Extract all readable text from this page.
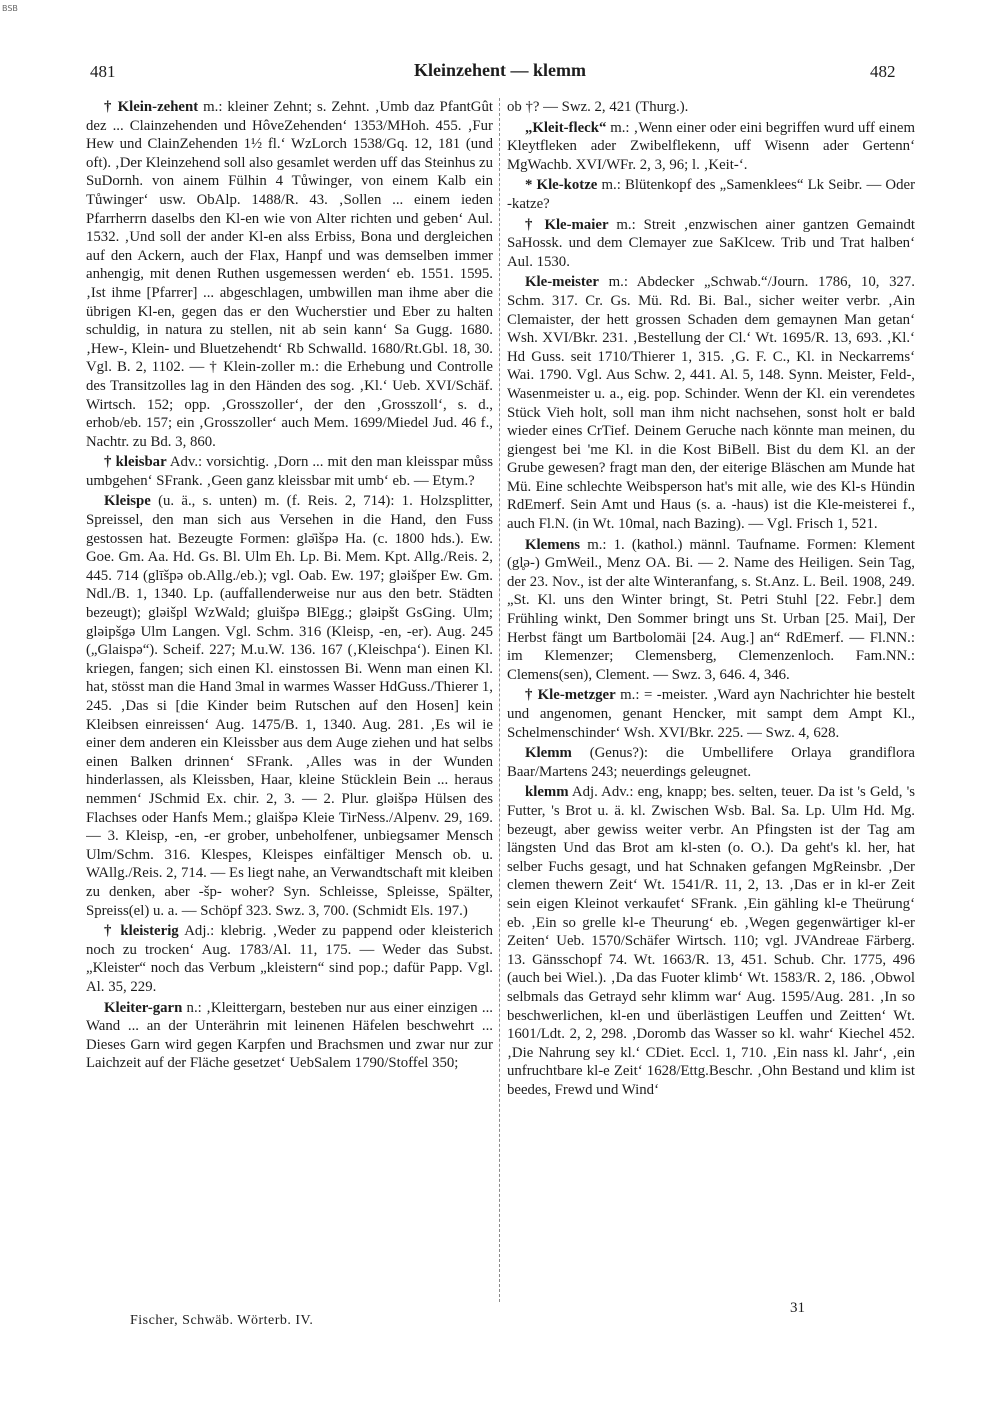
BSB
481	Kleinzehent — klemm	482

† Klein-zehent m.: kleiner Zehnt; s. Zehnt. ‚Umb daz PfantGût dez ... Clainzehenden und HôveZehenden‘ 1353/MHoh. 455. ‚Fur Hew und ClainZehenden 1½ fl.‘ WzLorch 1538/Gq. 12, 181 (und oft). ‚Der Kleinzehend soll also gesamlet werden uff das Steinhus zu SuDornh. von ainem Fülhin 4 Tůwinger, von einem Kalb ein Tůwinger‘ usw. ObAlp. 1488/R. 43. ‚Sollen ... einem ieden Pfarrherrn daselbs den Kl-en wie von Alter richten und geben‘ Aul. 1532. ‚Und soll der ander Kl-en alss Erbiss, Bona und dergleichen auf den Ackern, auch der Flax, Hanpf und was demselben immer anhengig, mit denen Ruthen usgemessen werden‘ eb. 1551. 1595. ‚Ist ihme [Pfarrer] ... abgeschlagen, umbwillen man ihme aber die übrigen Kl-en, gegen das er den Wucherstier und Eber zu halten schuldig, in natura zu stellen, nit ab sein kann‘ Sa Gugg. 1680. ‚Hew-, Klein- und Bluetzehendt‘ Rb Schwalld. 1680/Rt.Gbl. 18, 30. Vgl. B. 2, 1102. — † Klein-zoller m.: die Erhebung und Controlle des Transitzolles lag in den Händen des sog. ‚Kl.‘ Ueb. XVI/Schäf. Wirtsch. 152; opp. ‚Grosszoller‘, der den ‚Grosszoll‘, s. d., erhob/eb. 157; ein ‚Grosszoller‘ auch Mem. 1699/Miedel Jud. 46 f., Nachtr. zu Bd. 3, 860.

† kleisbar Adv.: vorsichtig. ‚Dorn ... mit den man kleisspar můss umbgehen‘ SFrank. ‚Geen ganz kleissbar mit umb‘ eb. — Etym.?

Kleispe (u. ä., s. unten) m. (f. Reis. 2, 714): 1. Holzsplitter, Spreissel, den man sich aus Versehen in die Hand, den Fuss gestossen hat. Bezeugte Formen: glə̄išpə Ha. (c. 1800 hds.). Ew. Goe. Gm. Aa. Hd. Gs. Bl. Ulm Eh. Lp. Bi. Mem. Kpt. Allg./Reis. 2, 445. 714 (glīšpə ob.Allg./eb.); vgl. Oab. Ew. 197; gləišper Ew. Gm. Ndl./B. 1, 1340. Lp. (auffallenderweise nur aus den betr. Städten bezeugt); gləišpl WzWald; gluišpə BlEgg.; gləipšt GsGing. Ulm; gləipšgə Ulm Langen. Vgl. Schm. 316 (Kleisp, -en, -er). Aug. 245 („Glaispə“). Scheif. 227; M.u.W. 136. 167 (‚Kleischpa‘). Einen Kl. kriegen, fangen; sich einen Kl. einstossen Bi. Wenn man einen Kl. hat, stösst man die Hand 3mal in warmes Wasser HdGuss./Thierer 1, 245. ‚Das si [die Kinder beim Rutschen auf den Hosen] kein Kleibsen einreissen‘ Aug. 1475/B. 1, 1340. Aug. 281. ‚Es wil ie einer dem anderen ein Kleissber aus dem Auge ziehen und hat selbs einen Balken drinnen‘ SFrank. ‚Alles was in der Wunden hinderlassen, als Kleissben, Haar, kleine Stücklein Bein ... heraus nemmen‘ JSchmid Ex. chir. 2, 3. — 2. Plur. gləišpə Hülsen des Flachses oder Hanfs Mem.; glaišpə Kleie TirNess./Alpenv. 29, 169. — 3. Kleisp, -en, -er grober, unbeholfener, unbiegsamer Mensch Ulm/Schm. 316. Klespes, Kleispes einfältiger Mensch ob. u. WAllg./Reis. 2, 714. — Es liegt nahe, an Verwandtschaft mit kleiben zu denken, aber -šp- woher? Syn. Schleisse, Spleisse, Spälter, Spreiss(el) u. a. — Schöpf 323. Swz. 3, 700. (Schmidt Els. 197.)

† kleisterig Adj.: klebrig. ‚Weder zu pappend oder kleisterich noch zu trocken‘ Aug. 1783/Al. 11, 175. — Weder das Subst. „Kleister“ noch das Verbum „kleistern“ sind pop.; dafür Papp. Vgl. Al. 35, 229.

Kleiter-garn n.: ‚Kleittergarn, besteben nur aus einer einzigen ... Wand ... an der Unterährin mit leinenen Häfelen beschwehrt ... Dieses Garn wird gegen Karpfen und Brachsmen und zwar nur zur Laichzeit auf der Fläche gesetzet‘ UebSalem 1790/Stoffel 350;

ob †? — Swz. 2, 421 (Thurg.).

„Kleit-fleck“ m.: ‚Wenn einer oder eini begriffen wurd uff einem Kleytfleken ader Zwibelflekenn, uff Wisenn ader Gertenn‘ MgWachb. XVI/WFr. 2, 3, 96; l. ‚Keit-‘.

* Kle-kotze m.: Blütenkopf des „Samenklees“ Lk Seibr. — Oder -katze?

† Kle-maier m.: Streit ‚enzwischen ainer gantzen Gemaindt SaHossk. und dem Clemayer zue SaKlcew. Trib und Trat halben‘ Aul. 1530.

Kle-meister m.: Abdecker „Schwab.“/Journ. 1786, 10, 327. Schm. 317. Cr. Gs. Mü. Rd. Bi. Bal., sicher weiter verbr. ‚Ain Clemaister, der hett grossen Schaden dem gemaynen Man getan‘ Wsh. XVI/Bkr. 231. ‚Bestellung der Cl.‘ Wt. 1695/R. 13, 693. ‚Kl.‘ Hd Guss. seit 1710/Thierer 1, 315. ‚G. F. C., Kl. in Neckarrems‘ Wai. 1790. Vgl. Aus Schw. 2, 441. Al. 5, 148. Synn. Meister, Feld-, Wasenmeister u. a., eig. pop. Schinder. Wenn der Kl. ein verendetes Stück Vieh holt, soll man ihm nicht nachsehen, sonst holt er bald wieder eines CrTief. Deinem Geruche nach könnte man meinen, du giengest bei 'me Kl. in die Kost BiBell. Bist du dem Kl. an der Grube gewesen? fragt man den, der eiterige Bläschen am Munde hat Mü. Eine schlechte Weibsperson hat's mit alle, wie des Kl-s Hündin RdEmerf. Sein Amt und Haus (s. a. -haus) ist die Kle-meisterei f., auch Fl.N. (in Wt. 10mal, nach Bazing). — Vgl. Frisch 1, 521.

Klemens m.: 1. (kathol.) männl. Taufname. Formen: Klement (gl̥ə-) GmWeil., Menz OA. Bi. — 2. Name des Heiligen. Sein Tag, der 23. Nov., ist der alte Winteranfang, s. St.Anz. L. Beil. 1908, 249. „St. Kl. uns den Winter bringt, St. Petri Stuhl [22. Febr.] dem Frühling winkt, Den Sommer bringt uns St. Urban [25. Mai], Der Herbst fängt um Bartbolomäi [24. Aug.] an“ RdEmerf. — Fl.NN.: im Klemenzer; Clemensberg, Clemenzenloch. Fam.NN.: Clemens(sen), Clement. — Swz. 3, 646. 4, 346.

† Kle-metzger m.: = -meister. ‚Ward ayn Nachrichter hie bestelt und angenomen, genant Hencker, mit sampt dem Ampt Kl., Schelmenschinder‘ Wsh. XVI/Bkr. 225. — Swz. 4, 628.

Klemm (Genus?): die Umbellifere Orlaya grandiflora Baar/Martens 243; neuerdings geleugnet.

klemm Adj. Adv.: eng, knapp; bes. selten, teuer. Da ist 's Geld, 's Futter, 's Brot u. ä. kl. Zwischen Wsb. Bal. Sa. Lp. Ulm Hd. Mg. bezeugt, aber gewiss weiter verbr. An Pfingsten ist der Tag am längsten Und das Brot am kl-sten (o. O.). Da geht's kl. her, hat selber Fuchs gesagt, und hat Schnaken gefangen MgReinsbr. ‚Der clemen thewern Zeit‘ Wt. 1541/R. 11, 2, 13. ‚Das er in kl-er Zeit sein eigen Kleinot verkaufet‘ SFrank. ‚Ein gähling kl-e Theürung‘ eb. ‚Ein so grelle kl-e Theurung‘ eb. ‚Wegen gegenwärtiger kl-er Zeiten‘ Ueb. 1570/Schäfer Wirtsch. 110; vgl. JVAndreae Färberg. 13. Gänsschopf 74. Wt. 1663/R. 13, 451. Schub. Chr. 1775, 496 (auch bei Wiel.). ‚Da das Fuoter klimb‘ Wt. 1583/R. 2, 186. ‚Obwol selbmals das Getrayd sehr klimm war‘ Aug. 1595/Aug. 281. ‚In so beschwerlichen, kl-en und überlästigen Leuffen und Zeitten‘ Wt. 1601/Ldt. 2, 2, 298. ‚Doromb das Wasser so kl. wahr‘ Kiechel 452. ‚Die Nahrung sey kl.‘ CDiet. Eccl. 1, 710. ‚Ein nass kl. Jahr‘, ‚ein unfruchtbare kl-e Zeit‘ 1628/Ettg.Beschr. ‚Ohn Bestand und klim ist beedes, Frewd und Wind‘

Fischer, Schwäb. Wörterb. IV.
31
